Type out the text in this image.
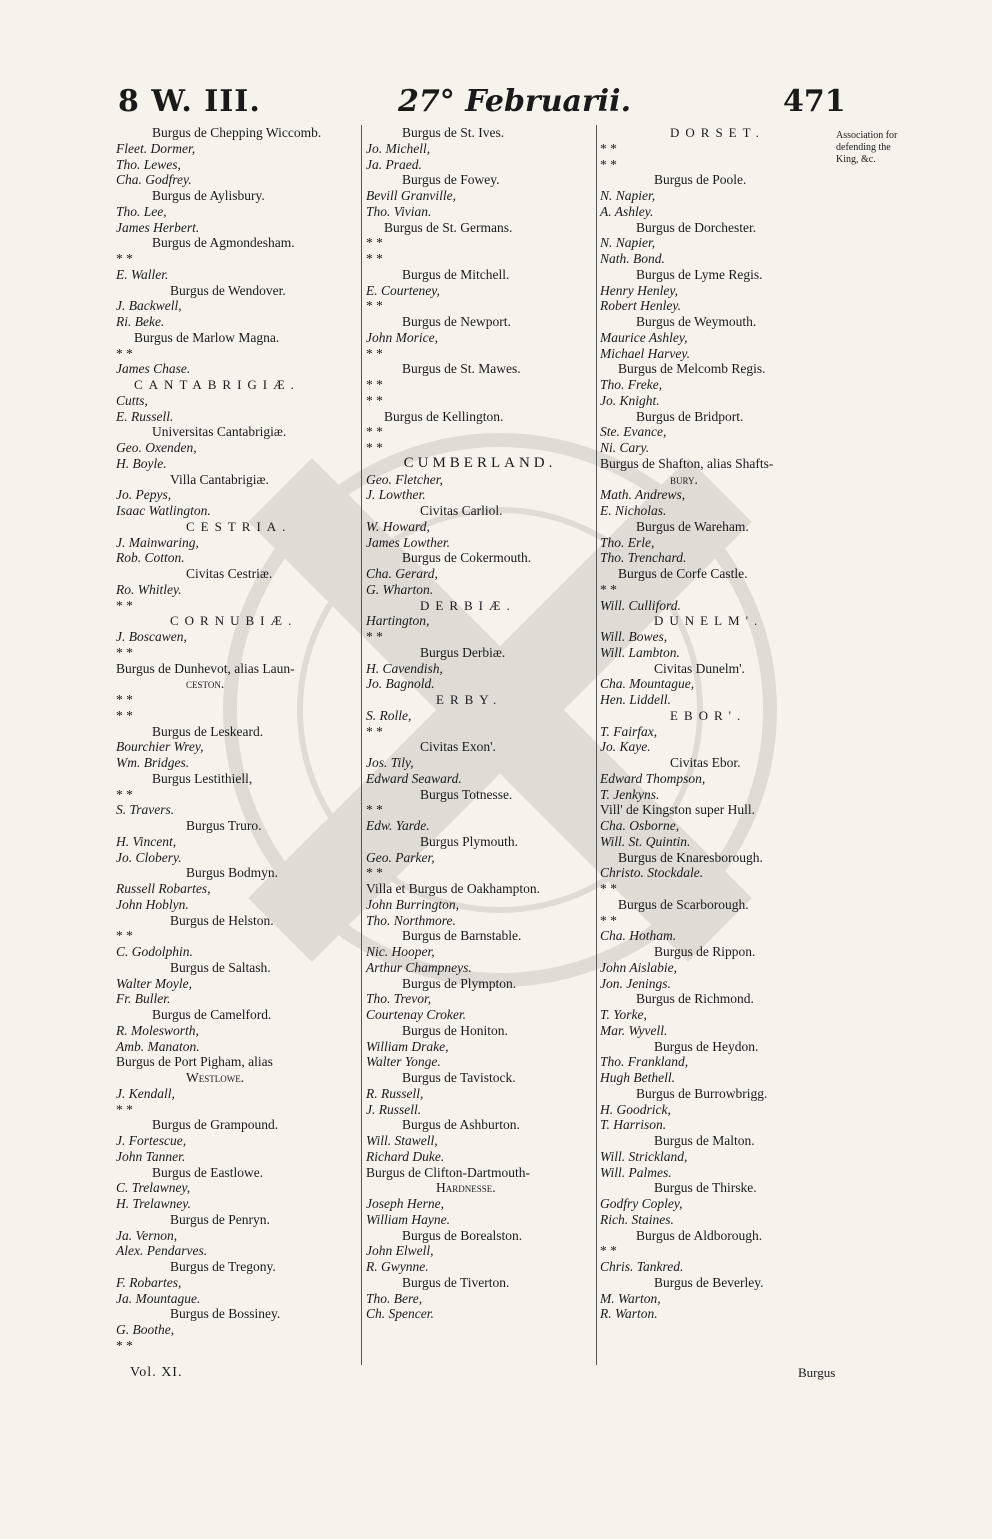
8 W. III.	27° Februarii.	471
Burgus de Chepping Wiccomb.
Fleet. Dormer,
Tho. Lewes,
Cha. Godfrey.
Burgus de Aylisbury.
Tho. Lee,
James Herbert.
Burgus de Agmondesham.
* *
E. Waller.
Burgus de Wendover.
J. Backwell,
Ri. Beke.
Burgus de Marlow Magna.
* *
James Chase.
CANTABRIGIÆ.
Cutts,
E. Russell.
Universitas Cantabrigiæ.
Geo. Oxenden,
H. Boyle.
Villa Cantabrigiæ.
Jo. Pepys,
Isaac Watlington.
CESTRIA.
J. Mainwaring,
Rob. Cotton.
Civitas Cestriæ.
Ro. Whitley.
* *
CORNUBIÆ.
J. Boscawen,
* *
Burgus de Dunhevot, alias Laun-
ceston.
* *
* *
Burgus de Leskeard.
Bourchier Wrey,
Wm. Bridges.
Burgus Lestithiell,
* *
S. Travers.
Burgus Truro.
H. Vincent,
Jo. Clobery.
Burgus Bodmyn.
Russell Robartes,
John Hoblyn.
Burgus de Helston.
* *
C. Godolphin.
Burgus de Saltash.
Walter Moyle,
Fr. Buller.
Burgus de Camelford.
R. Molesworth,
Amb. Manaton.
Burgus de Port Pigham, alias
Westlowe.
J. Kendall,
* *
Burgus de Grampound.
J. Fortescue,
John Tanner.
Burgus de Eastlowe.
C. Trelawney,
H. Trelawney.
Burgus de Penryn.
Ja. Vernon,
Alex. Pendarves.
Burgus de Tregony.
F. Robartes,
Ja. Mountague.
Burgus de Bossiney.
G. Boothe,
* *
Burgus de St. Ives.
Jo. Michell,
Ja. Praed.
Burgus de Fowey.
Bevill Granville,
Tho. Vivian.
Burgus de St. Germans.
* *
* *
Burgus de Mitchell.
E. Courteney,
* *
Burgus de Newport.
John Morice,
* *
Burgus de St. Mawes.
* *
* *
Burgus de Kellington.
* *
* *
CUMBERLAND.
Geo. Fletcher,
J. Lowther.
Civitas Carliol.
W. Howard,
James Lowther.
Burgus de Cokermouth.
Cha. Gerard,
G. Wharton.
DERBIÆ.
Hartington,
* *
Burgus Derbiæ.
H. Cavendish,
Jo. Bagnold.
ERBY.
S. Rolle,
* *
Civitas Exon'.
Jos. Tily,
Edward Seaward.
Burgus Totnesse.
* *
Edw. Yarde.
Burgus Plymouth.
Geo. Parker,
* *
Villa et Burgus de Oakhampton.
John Burrington,
Tho. Northmore.
Burgus de Barnstable.
Nic. Hooper,
Arthur Champneys.
Burgus de Plympton.
Tho. Trevor,
Courtenay Croker.
Burgus de Honiton.
William Drake,
Walter Yonge.
Burgus de Tavistock.
R. Russell,
J. Russell.
Burgus de Ashburton.
Will. Stawell,
Richard Duke.
Burgus de Clifton-Dartmouth-
Hardnesse.
Joseph Herne,
William Hayne.
Burgus de Borealston.
John Elwell,
R. Gwynne.
Burgus de Tiverton.
Tho. Bere,
Ch. Spencer.
DORSET.
* *
* *
Burgus de Poole.
N. Napier,
A. Ashley.
Burgus de Dorchester.
N. Napier,
Nath. Bond.
Burgus de Lyme Regis.
Henry Henley,
Robert Henley.
Burgus de Weymouth.
Maurice Ashley,
Michael Harvey.
Burgus de Melcomb Regis.
Tho. Freke,
Jo. Knight.
Burgus de Bridport.
Ste. Evance,
Ni. Cary.
Burgus de Shafton, alias Shafts-
bury.
Math. Andrews,
E. Nicholas.
Burgus de Wareham.
Tho. Erle,
Tho. Trenchard.
Burgus de Corfe Castle.
* *
Will. Culliford.
DUNELM'.
Will. Bowes,
Will. Lambton.
Civitas Dunelm'.
Cha. Mountague,
Hen. Liddell.
EBOR'.
T. Fairfax,
Jo. Kaye.
Civitas Ebor.
Edward Thompson,
T. Jenkyns.
Vill' de Kingston super Hull.
Cha. Osborne,
Will. St. Quintin.
Burgus de Knaresborough.
Christo. Stockdale.
* *
Burgus de Scarborough.
* *
Cha. Hotham.
Burgus de Rippon.
John Aislabie,
Jon. Jenings.
Burgus de Richmond.
T. Yorke,
Mar. Wyvell.
Burgus de Heydon.
Tho. Frankland,
Hugh Bethell.
Burgus de Burrowbrigg.
H. Goodrick,
T. Harrison.
Burgus de Malton.
Will. Strickland,
Will. Palmes.
Burgus de Thirske.
Godfry Copley,
Rich. Staines.
Burgus de Aldborough.
* *
Chris. Tankred.
Burgus de Beverley.
M. Warton,
R. Warton.
Association for defending the King, &c.
Vol. XI.	Burgus
